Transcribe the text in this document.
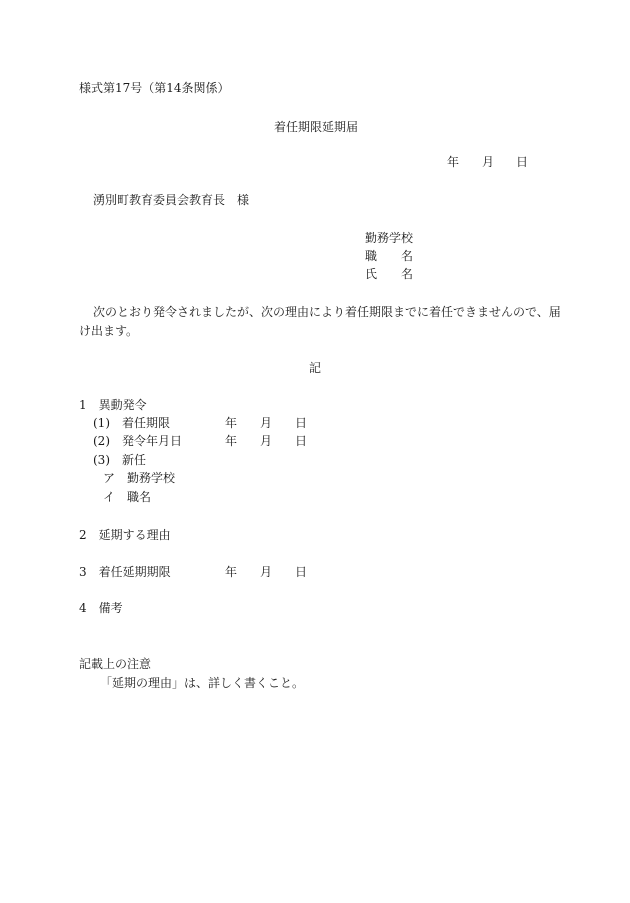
様式第17号（第14条関係）
着任期限延期届
年 月 日
湧別町教育委員会教育長　様
勤務学校
職　　名
氏　　名
次のとおり発令されましたが、次の理由により着任期限までに着任できませんので、届
け出ます。
記
1　異動発令
(1)　着任期限	年 月 日
(2)　発令年月日	年 月 日
(3)　新任
ア　勤務学校
イ　職名
2　延期する理由
3　着任延期期限	年 月 日
4　備考
記載上の注意
「延期の理由」は、詳しく書くこと。
